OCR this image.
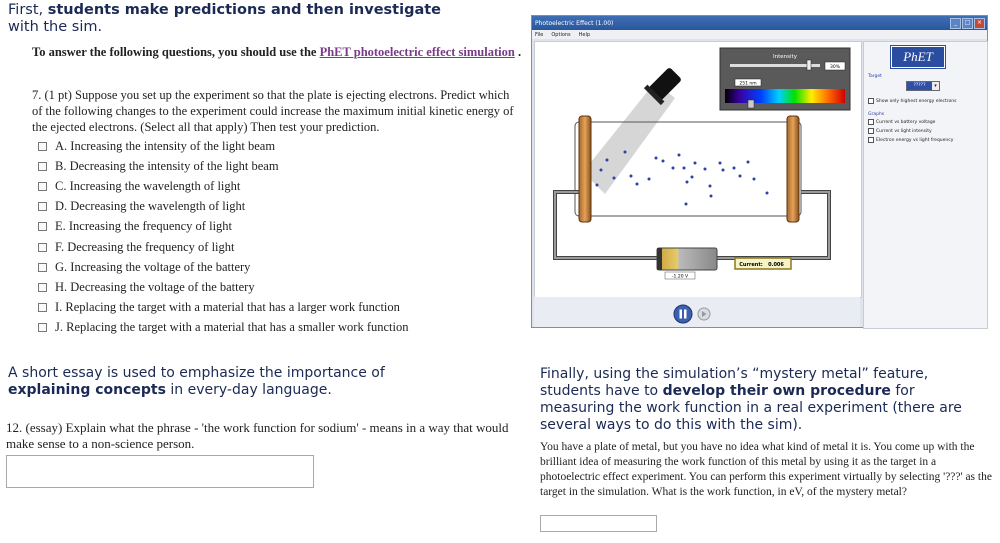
First, students make predictions and then investigate
with the sim.
To answer the following questions, you should use the PhET photoelectric effect simulation .
7. (1 pt) Suppose you set up the experiment so that the plate is ejecting electrons. Predict which of the following changes to the experiment could increase the maximum initial kinetic energy of the ejected electrons. (Select all that apply) Then test your prediction.
A. Increasing the intensity of the light beam
B. Decreasing the intensity of the light beam
C. Increasing the wavelength of light
D. Decreasing the wavelength of light
E. Increasing the frequency of light
F. Decreasing the frequency of light
G. Increasing the voltage of the battery
H. Decreasing the voltage of the battery
I. Replacing the target with a material that has a larger work function
J. Replacing the target with a material that has a smaller work function
Photoelectric Effect (1.00)	_	□	×
File Options Help
Intensity
30%
251 nm
-1.20 V
Current: 0.006
PhET
Target
?????	▾
Show only highest energy electrons
Graphs
Current vs battery voltage
Current vs light intensity
Electron energy vs light frequency
A short essay is used to emphasize the importance of
explaining concepts in every-day language.
12. (essay) Explain what the phrase - 'the work function for sodium' - means in a way that would make sense to a non-science person.
Finally, using the simulation’s “mystery metal” feature, students have to develop their own procedure for measuring the work function in a real experiment (there are several ways to do this with the sim).
You have a plate of metal, but you have no idea what kind of metal it is. You come up with the brilliant idea of measuring the work function of this metal by using it as the target in a photoelectric effect experiment. You can perform this experiment virtually by selecting '???' as the target in the simulation. What is the work function, in eV, of the mystery metal?
